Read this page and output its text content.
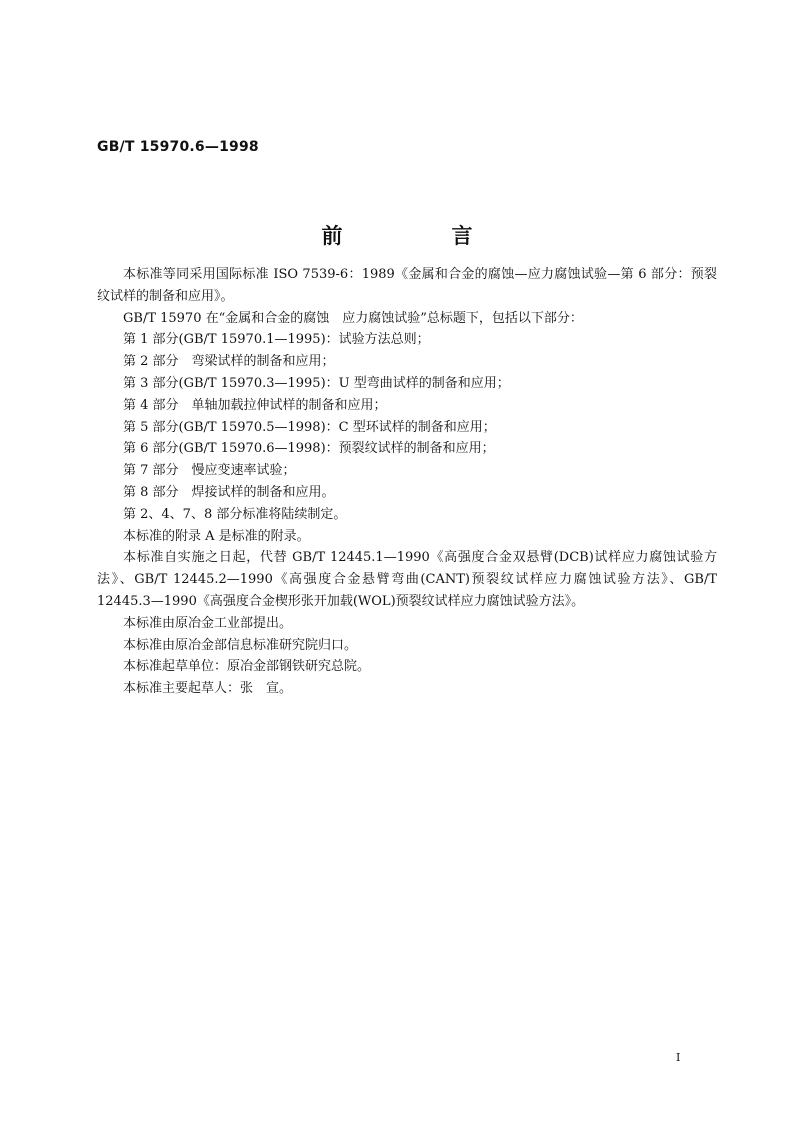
GB/T 15970.6—1998
前　言

本标准等同采用国际标准 ISO 7539-6：1989《金属和合金的腐蚀—应力腐蚀试验—第 6 部分：预裂纹试样的制备和应用》。

GB/T 15970 在“金属和合金的腐蚀　应力腐蚀试验”总标题下，包括以下部分：

第 1 部分(GB/T 15970.1—1995)：试验方法总则；

第 2 部分　弯梁试样的制备和应用；

第 3 部分(GB/T 15970.3—1995)：U 型弯曲试样的制备和应用；

第 4 部分　单轴加载拉伸试样的制备和应用；

第 5 部分(GB/T 15970.5—1998)：C 型环试样的制备和应用；

第 6 部分(GB/T 15970.6—1998)：预裂纹试样的制备和应用；

第 7 部分　慢应变速率试验；

第 8 部分　焊接试样的制备和应用。

第 2、4、7、8 部分标准将陆续制定。

本标准的附录 A 是标准的附录。

本标准自实施之日起，代替 GB/T 12445.1—1990《高强度合金双悬臂(DCB)试样应力腐蚀试验方法》、GB/T 12445.2—1990《高强度合金悬臂弯曲(CANT)预裂纹试样应力腐蚀试验方法》、GB/T 12445.3—1990《高强度合金楔形张开加载(WOL)预裂纹试样应力腐蚀试验方法》。

本标准由原冶金工业部提出。

本标准由原冶金部信息标准研究院归口。

本标准起草单位：原冶金部钢铁研究总院。

本标准主要起草人：张　宣。

I
